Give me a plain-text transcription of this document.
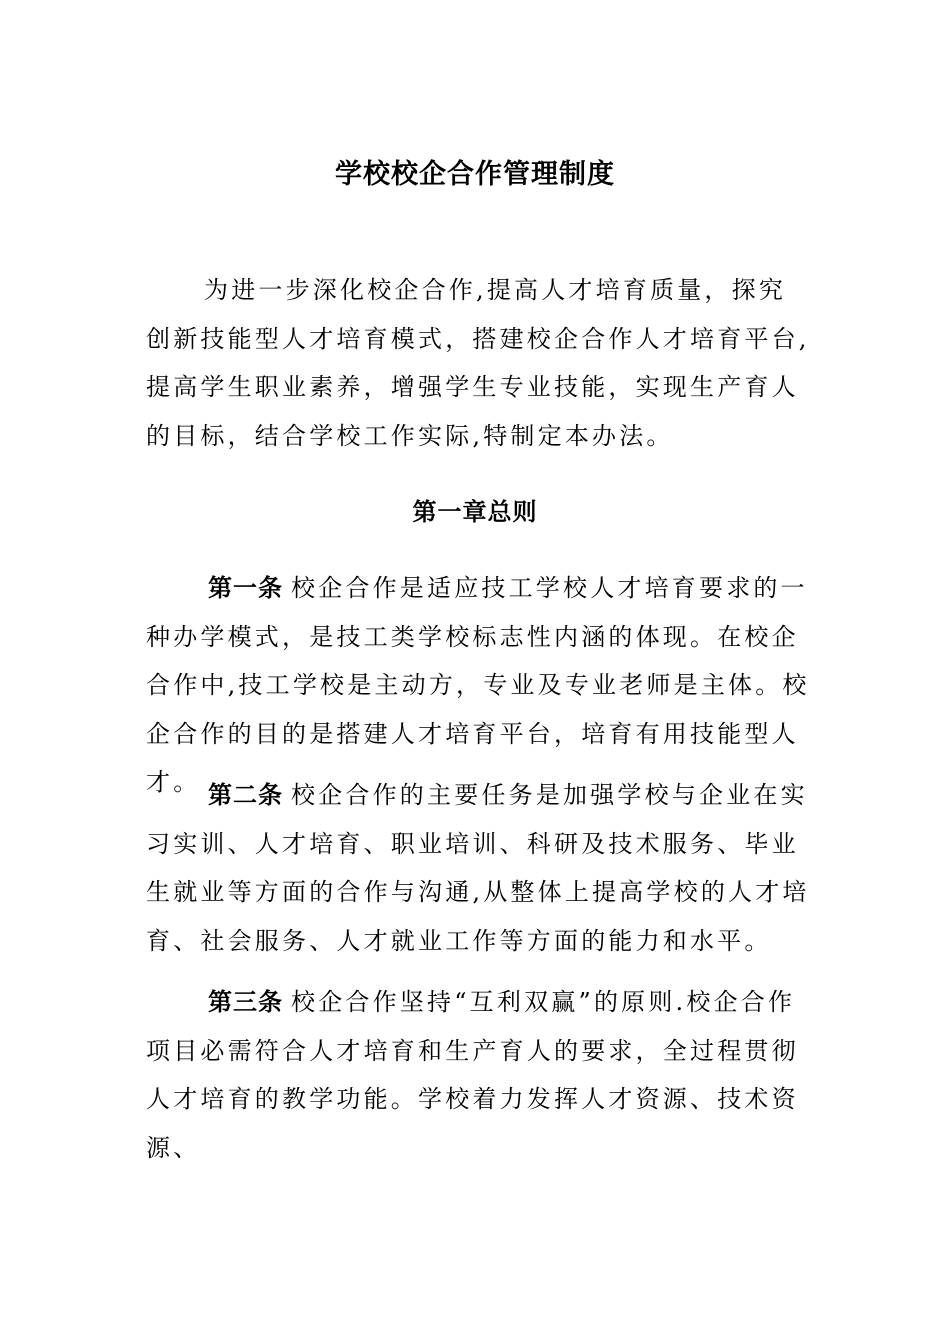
学校校企合作管理制度

为进一步深化校企合作,提高人才培育质量，探究创新技能型人才培育模式，搭建校企合作人才培育平台,提高学生职业素养，增强学生专业技能，实现生产育人的目标，结合学校工作实际,特制定本办法。

第一章总则

第一条 校企合作是适应技工学校人才培育要求的一种办学模式，是技工类学校标志性内涵的体现。在校企合作中,技工学校是主动方，专业及专业老师是主体。校企合作的目的是搭建人才培育平台，培育有用技能型人才。 第二条 校企合作的主要任务是加强学校与企业在实习实训、人才培育、职业培训、科研及技术服务、毕业生就业等方面的合作与沟通,从整体上提高学校的人才培育、社会服务、人才就业工作等方面的能力和水平。

第三条 校企合作坚持“互利双赢”的原则.校企合作项目必需符合人才培育和生产育人的要求，全过程贯彻人才培育的教学功能。学校着力发挥人才资源、技术资源、
